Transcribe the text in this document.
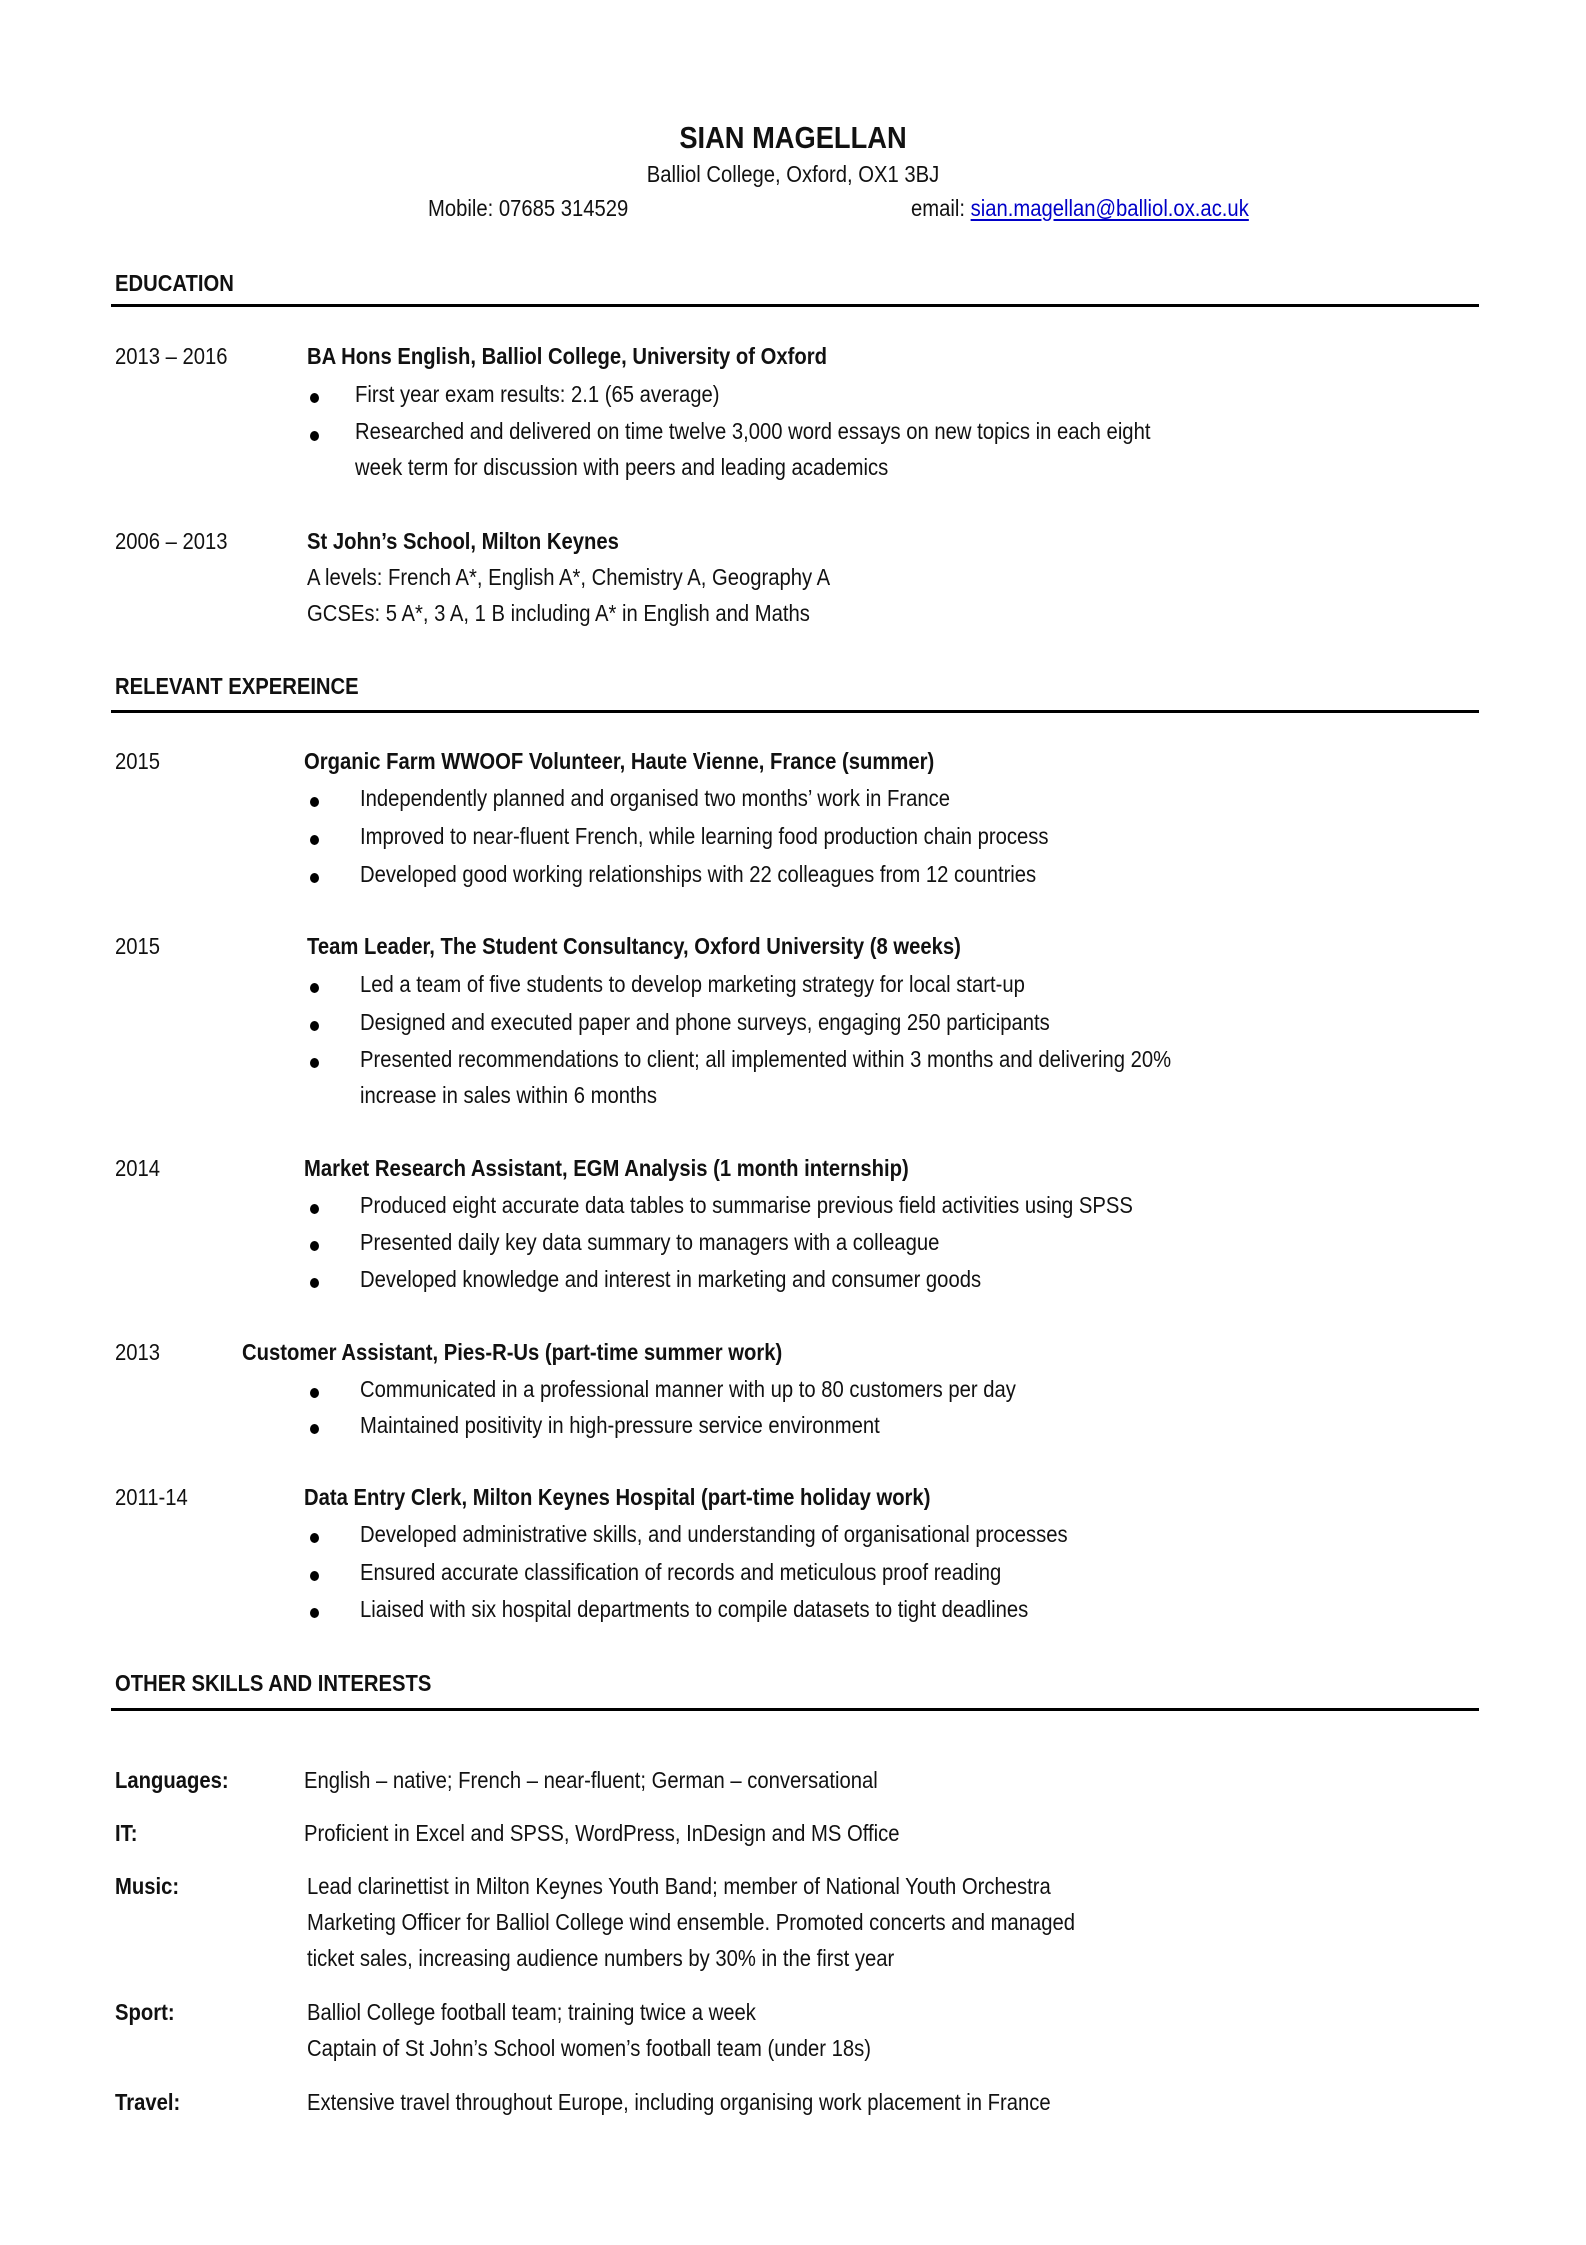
SIAN MAGELLAN
Balliol College, Oxford, OX1 3BJ
Mobile: 07685 314529	email: sian.magellan@balliol.ox.ac.uk
EDUCATION
2013 – 2016	BA Hons English, Balliol College, University of Oxford
First year exam results: 2.1 (65 average)
Researched and delivered on time twelve 3,000 word essays on new topics in each eight
week term for discussion with peers and leading academics
2006 – 2013	St John’s School, Milton Keynes
A levels: French A*, English A*, Chemistry A, Geography A
GCSEs: 5 A*, 3 A, 1 B including A* in English and Maths
RELEVANT EXPEREINCE
2015	Organic Farm WWOOF Volunteer, Haute Vienne, France (summer)
Independently planned and organised two months’ work in France
Improved to near-fluent French, while learning food production chain process
Developed good working relationships with 22 colleagues from 12 countries
2015	Team Leader, The Student Consultancy, Oxford University (8 weeks)
Led a team of five students to develop marketing strategy for local start-up
Designed and executed paper and phone surveys, engaging 250 participants
Presented recommendations to client; all implemented within 3 months and delivering 20%
increase in sales within 6 months
2014	Market Research Assistant, EGM Analysis (1 month internship)
Produced eight accurate data tables to summarise previous field activities using SPSS
Presented daily key data summary to managers with a colleague
Developed knowledge and interest in marketing and consumer goods
2013	Customer Assistant, Pies-R-Us (part-time summer work)
Communicated in a professional manner with up to 80 customers per day
Maintained positivity in high-pressure service environment
2011-14	Data Entry Clerk, Milton Keynes Hospital (part-time holiday work)
Developed administrative skills, and understanding of organisational processes
Ensured accurate classification of records and meticulous proof reading
Liaised with six hospital departments to compile datasets to tight deadlines
OTHER SKILLS AND INTERESTS
Languages:	English – native; French – near-fluent; German – conversational
IT:	Proficient in Excel and SPSS, WordPress, InDesign and MS Office
Music:	Lead clarinettist in Milton Keynes Youth Band; member of National Youth Orchestra
Marketing Officer for Balliol College wind ensemble. Promoted concerts and managed
ticket sales, increasing audience numbers by 30% in the first year
Sport:	Balliol College football team; training twice a week
Captain of St John’s School women’s football team (under 18s)
Travel:	Extensive travel throughout Europe, including organising work placement in France
